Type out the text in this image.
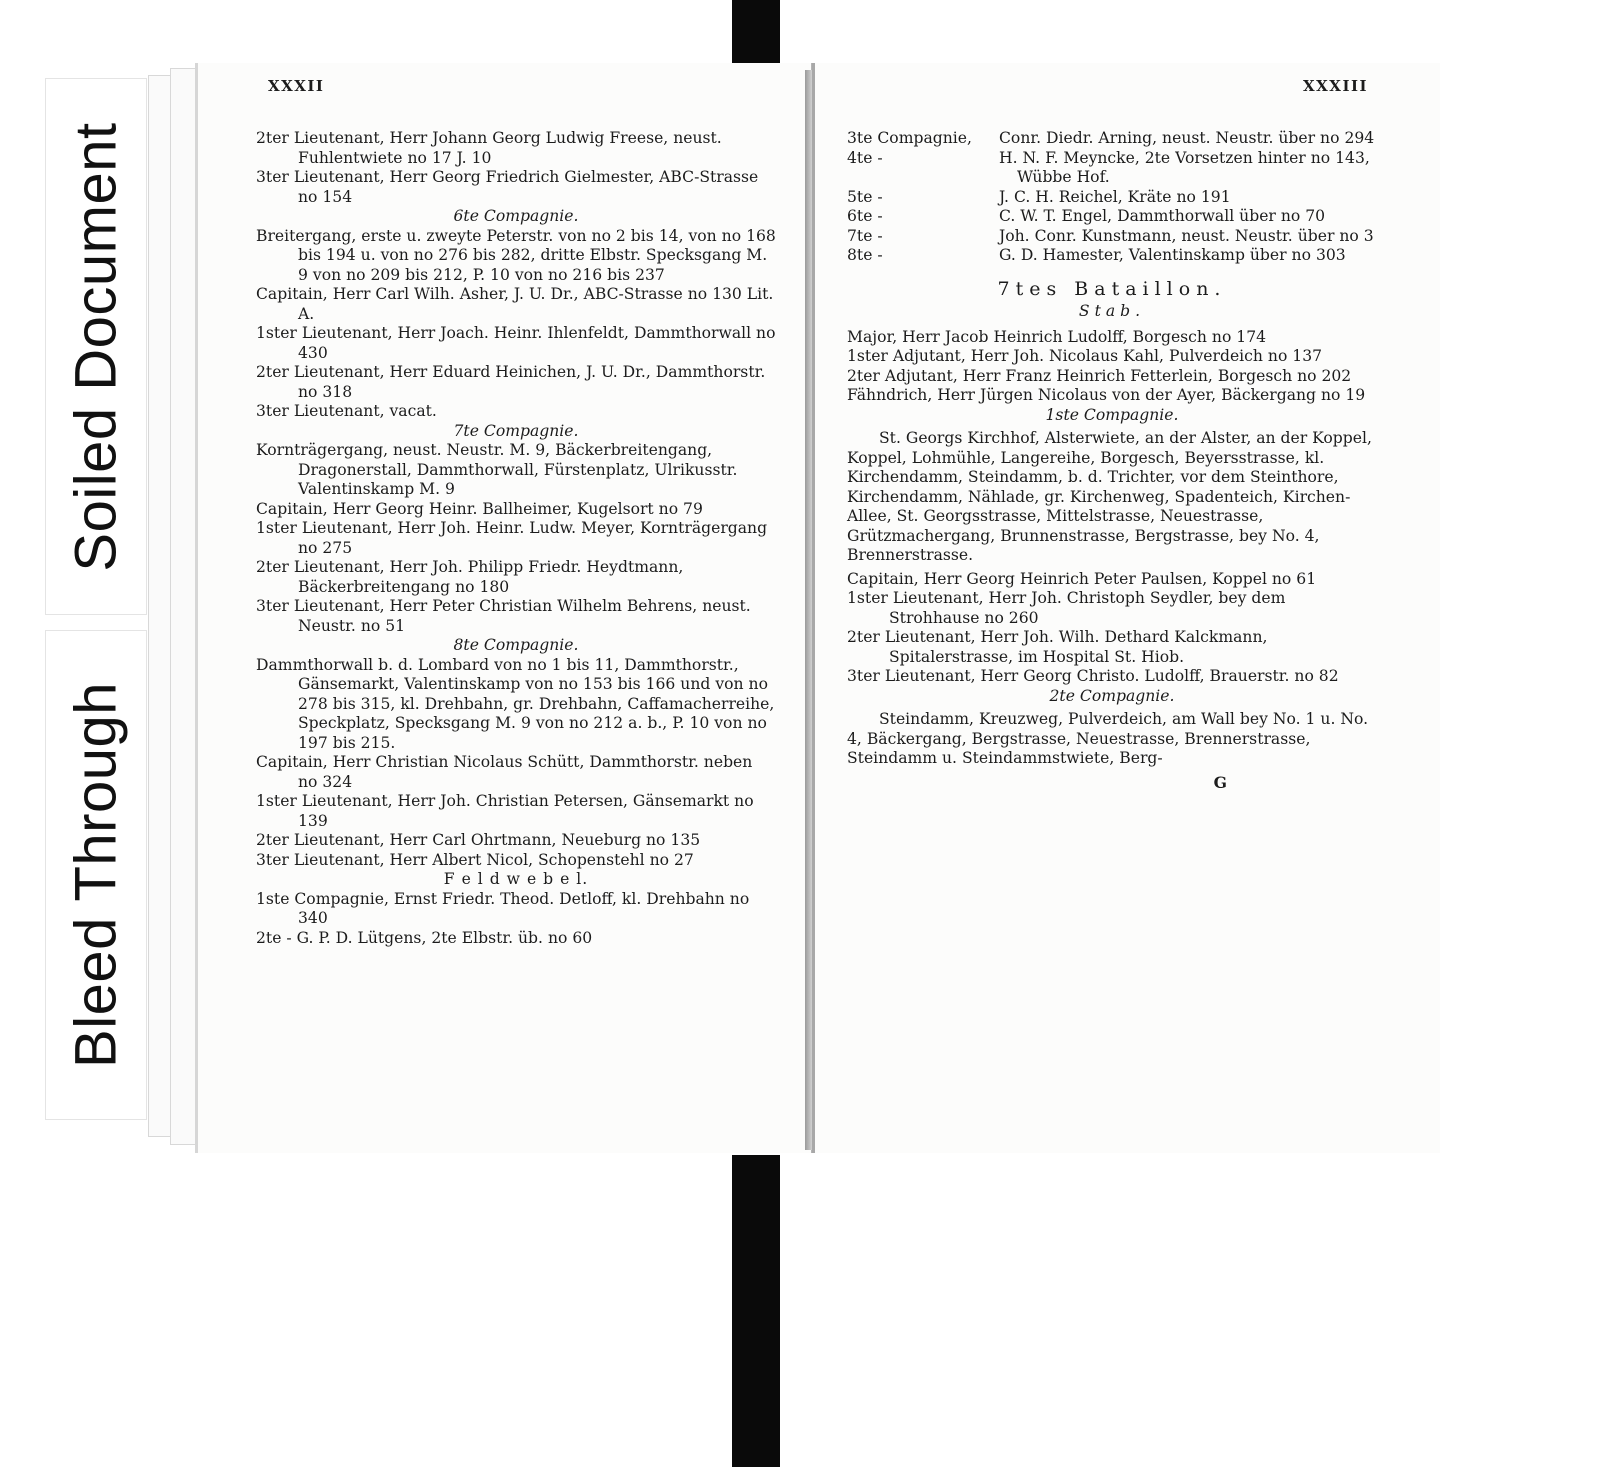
Soiled Document
Bleed Through
XXXII

2ter Lieutenant, Herr Johann Georg Ludwig Freese, neust. Fuhlentwiete no 17 J. 10

3ter Lieutenant, Herr Georg Friedrich Gielmester, ABC-Strasse no 154

6te Compagnie.

Breitergang, erste u. zweyte Peterstr. von no 2 bis 14, von no 168 bis 194 u. von no 276 bis 282, dritte Elbstr. Specksgang M. 9 von no 209 bis 212, P. 10 von no 216 bis 237

Capitain, Herr Carl Wilh. Asher, J. U. Dr., ABC-Strasse no 130 Lit. A.

1ster Lieutenant, Herr Joach. Heinr. Ihlenfeldt, Dammthorwall no 430

2ter Lieutenant, Herr Eduard Heinichen, J. U. Dr., Dammthorstr. no 318

3ter Lieutenant, vacat.

7te Compagnie.

Kornträgergang, neust. Neustr. M. 9, Bäckerbreitengang, Dragonerstall, Dammthorwall, Fürstenplatz, Ulrikusstr. Valentinskamp M. 9

Capitain, Herr Georg Heinr. Ballheimer, Kugelsort no 79

1ster Lieutenant, Herr Joh. Heinr. Ludw. Meyer, Kornträgergang no 275

2ter Lieutenant, Herr Joh. Philipp Friedr. Heydtmann, Bäckerbreitengang no 180

3ter Lieutenant, Herr Peter Christian Wilhelm Behrens, neust. Neustr. no 51

8te Compagnie.

Dammthorwall b. d. Lombard von no 1 bis 11, Dammthorstr., Gänsemarkt, Valentinskamp von no 153 bis 166 und von no 278 bis 315, kl. Drehbahn, gr. Drehbahn, Caffamacherreihe, Speckplatz, Specksgang M. 9 von no 212 a. b., P. 10 von no 197 bis 215.

Capitain, Herr Christian Nicolaus Schütt, Dammthorstr. neben no 324

1ster Lieutenant, Herr Joh. Christian Petersen, Gänsemarkt no 139

2ter Lieutenant, Herr Carl Ohrtmann, Neueburg no 135

3ter Lieutenant, Herr Albert Nicol, Schopenstehl no 27

F e l d w e b e l.

1ste Compagnie, Ernst Friedr. Theod. Detloff, kl. Drehbahn no 340

2te - G. P. D. Lütgens, 2te Elbstr. üb. no 60

XXXIII
3te Compagnie,	Conr. Diedr. Arning, neust. Neustr. über no 294
4te -	H. N. F. Meyncke, 2te Vorsetzen hinter no 143, Wübbe Hof.
5te -	J. C. H. Reichel, Kräte no 191
6te -	C. W. T. Engel, Dammthorwall über no 70
7te -	Joh. Conr. Kunstmann, neust. Neustr. über no 3
8te -	G. D. Hamester, Valentinskamp über no 303
7tes Bataillon.
Stab.

Major, Herr Jacob Heinrich Ludolff, Borgesch no 174

1ster Adjutant, Herr Joh. Nicolaus Kahl, Pulverdeich no 137

2ter Adjutant, Herr Franz Heinrich Fetterlein, Borgesch no 202

Fähndrich, Herr Jürgen Nicolaus von der Ayer, Bäckergang no 19

1ste Compagnie.

St. Georgs Kirchhof, Alsterwiete, an der Alster, an der Koppel, Koppel, Lohmühle, Langereihe, Borgesch, Beyersstrasse, kl. Kirchendamm, Steindamm, b. d. Trichter, vor dem Steinthore, Kirchendamm, Nählade, gr. Kirchenweg, Spadenteich, Kirchen-Allee, St. Georgsstrasse, Mittelstrasse, Neuestrasse, Grützmachergang, Brunnenstrasse, Bergstrasse, bey No. 4, Brennerstrasse.

Capitain, Herr Georg Heinrich Peter Paulsen, Koppel no 61

1ster Lieutenant, Herr Joh. Christoph Seydler, bey dem Strohhause no 260

2ter Lieutenant, Herr Joh. Wilh. Dethard Kalckmann, Spitalerstrasse, im Hospital St. Hiob.

3ter Lieutenant, Herr Georg Christo. Ludolff, Brauerstr. no 82

2te Compagnie.

Steindamm, Kreuzweg, Pulverdeich, am Wall bey No. 1 u. No. 4, Bäckergang, Bergstrasse, Neuestrasse, Brennerstrasse, Steindamm u. Steindammstwiete, Berg-

G
